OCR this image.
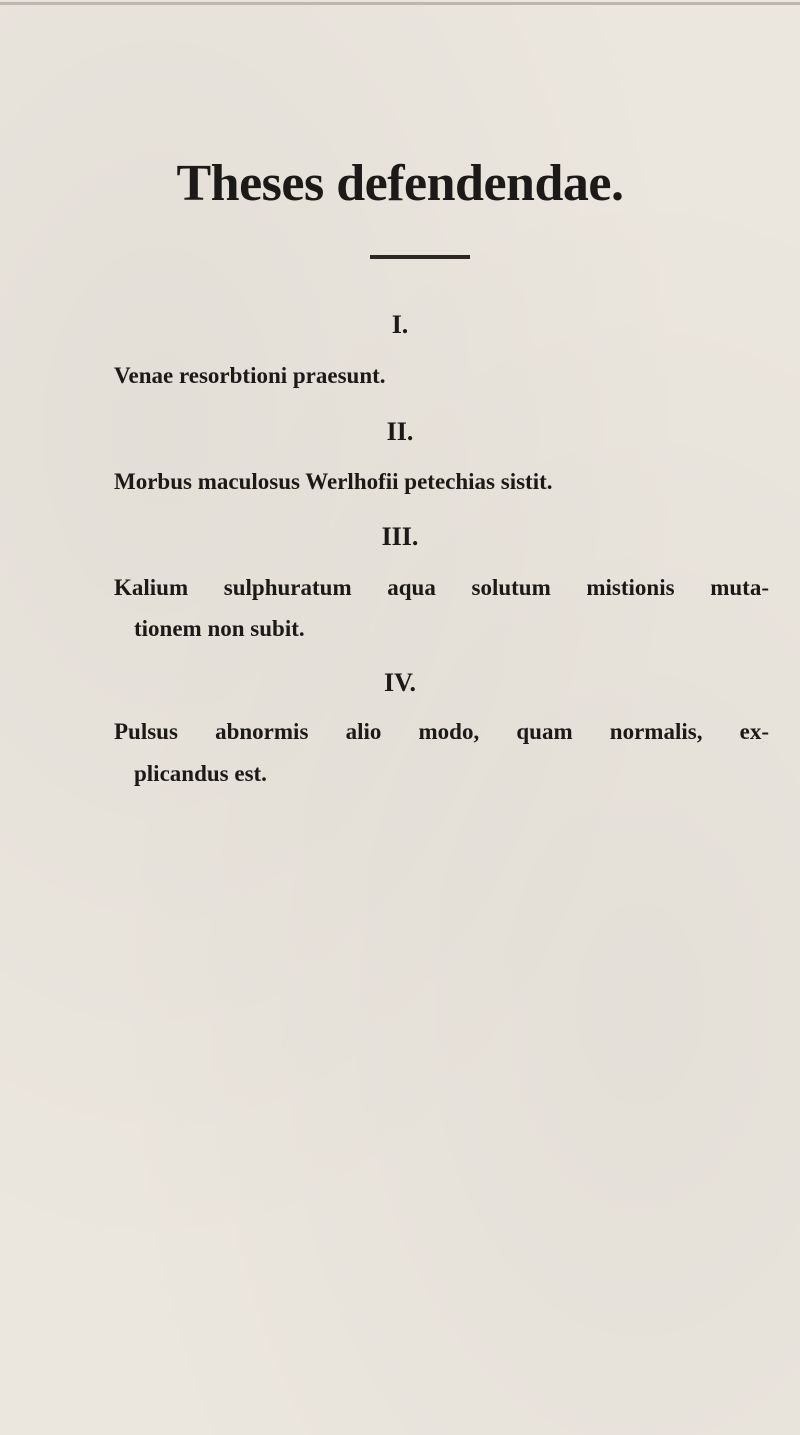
Theses defendendae.
I.
Venae resorbtioni praesunt.
II.
Morbus maculosus Werlhofii petechias sistit.
III.
Kalium sulphuratum aqua solutum mistionis muta-
tionem non subit.
IV.
Pulsus abnormis alio modo, quam normalis, ex-
plicandus est.
